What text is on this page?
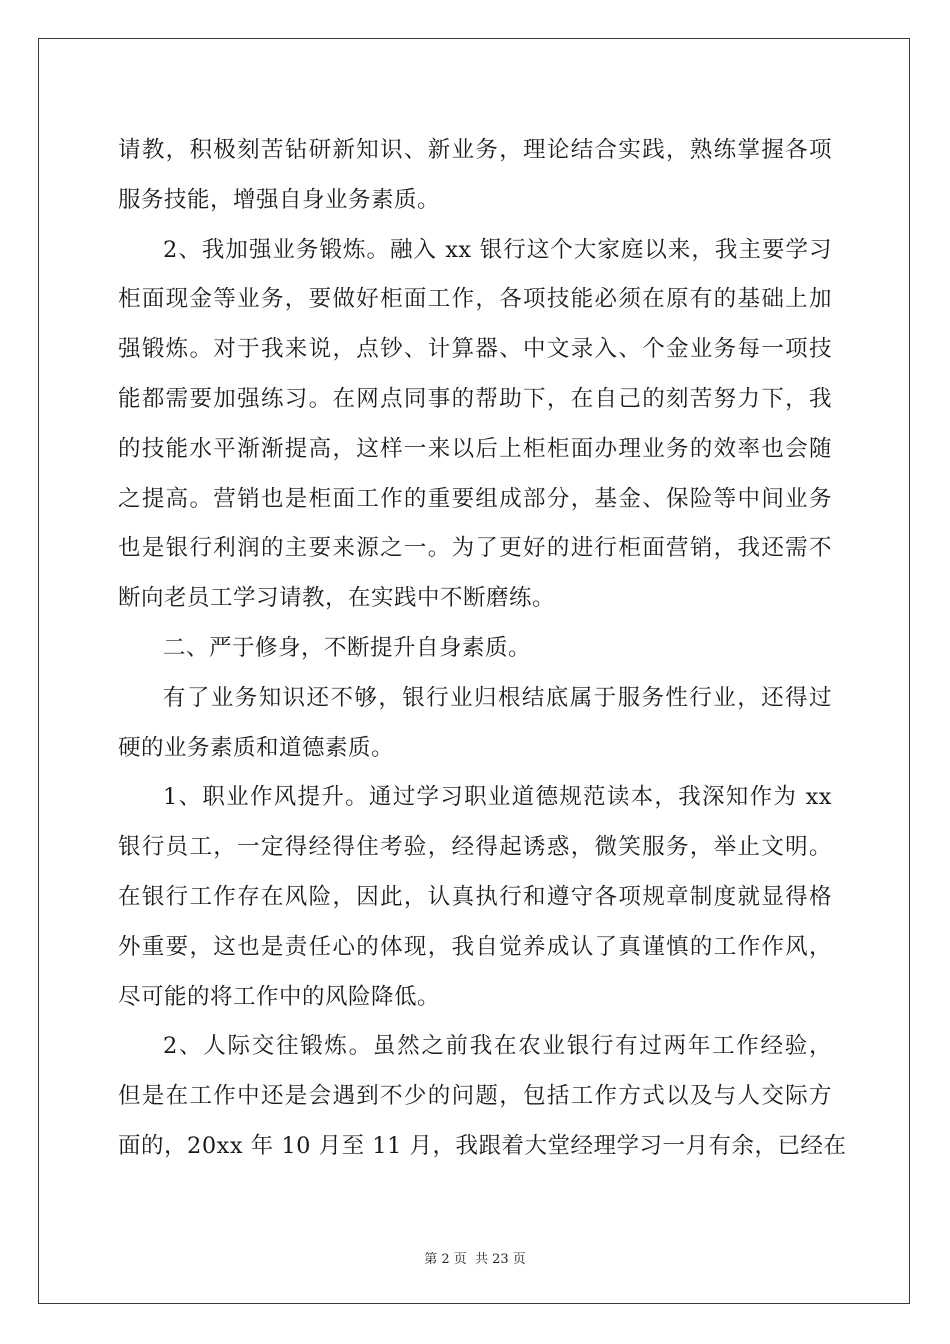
请教，积极刻苦钻研新知识、新业务，理论结合实践，熟练掌握各项
服务技能，增强自身业务素质。
2、我加强业务锻炼。融入 xx 银行这个大家庭以来，我主要学习
柜面现金等业务，要做好柜面工作，各项技能必须在原有的基础上加
强锻炼。对于我来说，点钞、计算器、中文录入、个金业务每一项技
能都需要加强练习。在网点同事的帮助下，在自己的刻苦努力下，我
的技能水平渐渐提高，这样一来以后上柜柜面办理业务的效率也会随
之提高。营销也是柜面工作的重要组成部分，基金、保险等中间业务
也是银行利润的主要来源之一。为了更好的进行柜面营销，我还需不
断向老员工学习请教，在实践中不断磨练。
二、严于修身，不断提升自身素质。
有了业务知识还不够，银行业归根结底属于服务性行业，还得过
硬的业务素质和道德素质。
1、职业作风提升。通过学习职业道德规范读本，我深知作为 xx
银行员工，一定得经得住考验，经得起诱惑，微笑服务，举止文明。
在银行工作存在风险，因此，认真执行和遵守各项规章制度就显得格
外重要，这也是责任心的体现，我自觉养成认了真谨慎的工作作风，
尽可能的将工作中的风险降低。
2、人际交往锻炼。虽然之前我在农业银行有过两年工作经验，
但是在工作中还是会遇到不少的问题，包括工作方式以及与人交际方
面的，20xx 年 10 月至 11 月，我跟着大堂经理学习一月有余，已经在
第 2 页 共 23 页
